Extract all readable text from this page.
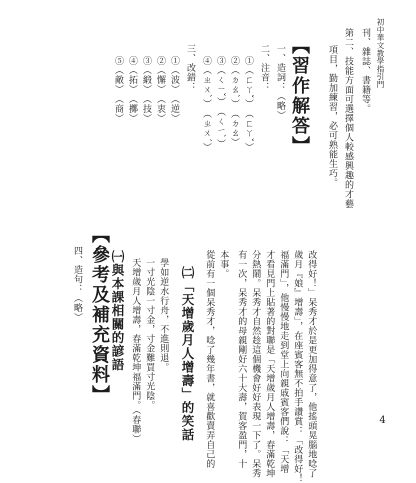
初中華文教學指引門
4
刊、雜誌、書籍等。
第二、技能方面可選擇個人較感興趣的才藝
項目，勤加練習，必可熟能生巧。
【習作解答】
一、造詞：（略）
二、注音：
①（ㄈㄚˇ）　（ㄈㄚˇ）
②（ㄉㄠˋ）　（ㄉㄠ）
③（ㄑㄧˇ）　（ㄑㄧˋ）
④（ㄓㄨˋ）　（ㄓㄨˊ）
三、改錯：
①（波）　（逆）
②（懈）　（衷）
③（緞）　（技）
④（拓）　（擲）
⑤（敵）　（商）
四、造句：（略） 【參考及補充資料】 ㈠與本課相關的諺語 天增歲月人增壽，春滿乾坤福滿門。（春聯） 一寸光陰一寸金，寸金難買寸光陰。 學如逆水行舟，不進則退。 ㈡「天增歲月人增壽」的笑話 從前有一個呆秀才，唸了幾年書，就喜歡賣弄自己的 本事。 有一次，呆秀才的母親剛好六十大壽，賀客盈門，十 分熱鬧。呆秀才自然趁這個機會好好表現一下了。呆秀 才看見門上貼著的對聯是「天增歲月人增壽，春滿乾坤 福滿門」，他慢慢地走到堂上向親戚賓客們說：「天增 歲月『娘』增壽」，在座賓客無不拍手讚賞：「改得好！ 改得好！」呆秀才於是更加得意了，他搖頭晃腦地唸了
